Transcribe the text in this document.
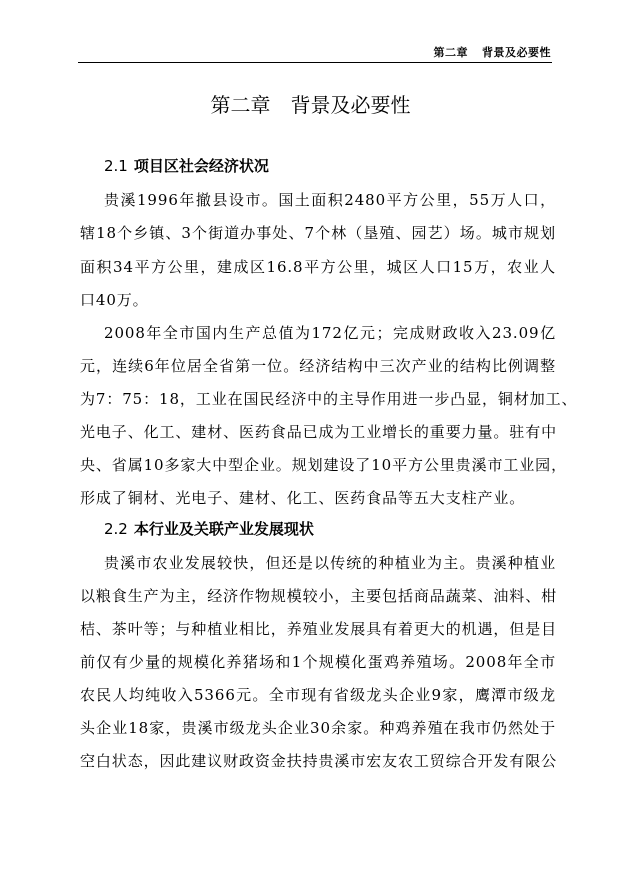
第二章 背景及必要性
第二章 背景及必要性
2.1 项目区社会经济状况
贵溪1996年撤县设市。国土面积2480平方公里，55万人口，
辖18个乡镇、3个街道办事处、7个林（垦殖、园艺）场。城市规划
面积34平方公里，建成区16.8平方公里，城区人口15万，农业人
口40万。
2008年全市国内生产总值为172亿元；完成财政收入23.09亿
元，连续6年位居全省第一位。经济结构中三次产业的结构比例调整
为7：75：18，工业在国民经济中的主导作用进一步凸显，铜材加工、
光电子、化工、建材、医药食品已成为工业增长的重要力量。驻有中
央、省属10多家大中型企业。规划建设了10平方公里贵溪市工业园，
形成了铜材、光电子、建材、化工、医药食品等五大支柱产业。
2.2 本行业及关联产业发展现状
贵溪市农业发展较快，但还是以传统的种植业为主。贵溪种植业
以粮食生产为主，经济作物规模较小，主要包括商品蔬菜、油料、柑
桔、茶叶等；与种植业相比，养殖业发展具有着更大的机遇，但是目
前仅有少量的规模化养猪场和1个规模化蛋鸡养殖场。2008年全市
农民人均纯收入5366元。全市现有省级龙头企业9家，鹰潭市级龙
头企业18家，贵溪市级龙头企业30余家。种鸡养殖在我市仍然处于
空白状态，因此建议财政资金扶持贵溪市宏友农工贸综合开发有限公
